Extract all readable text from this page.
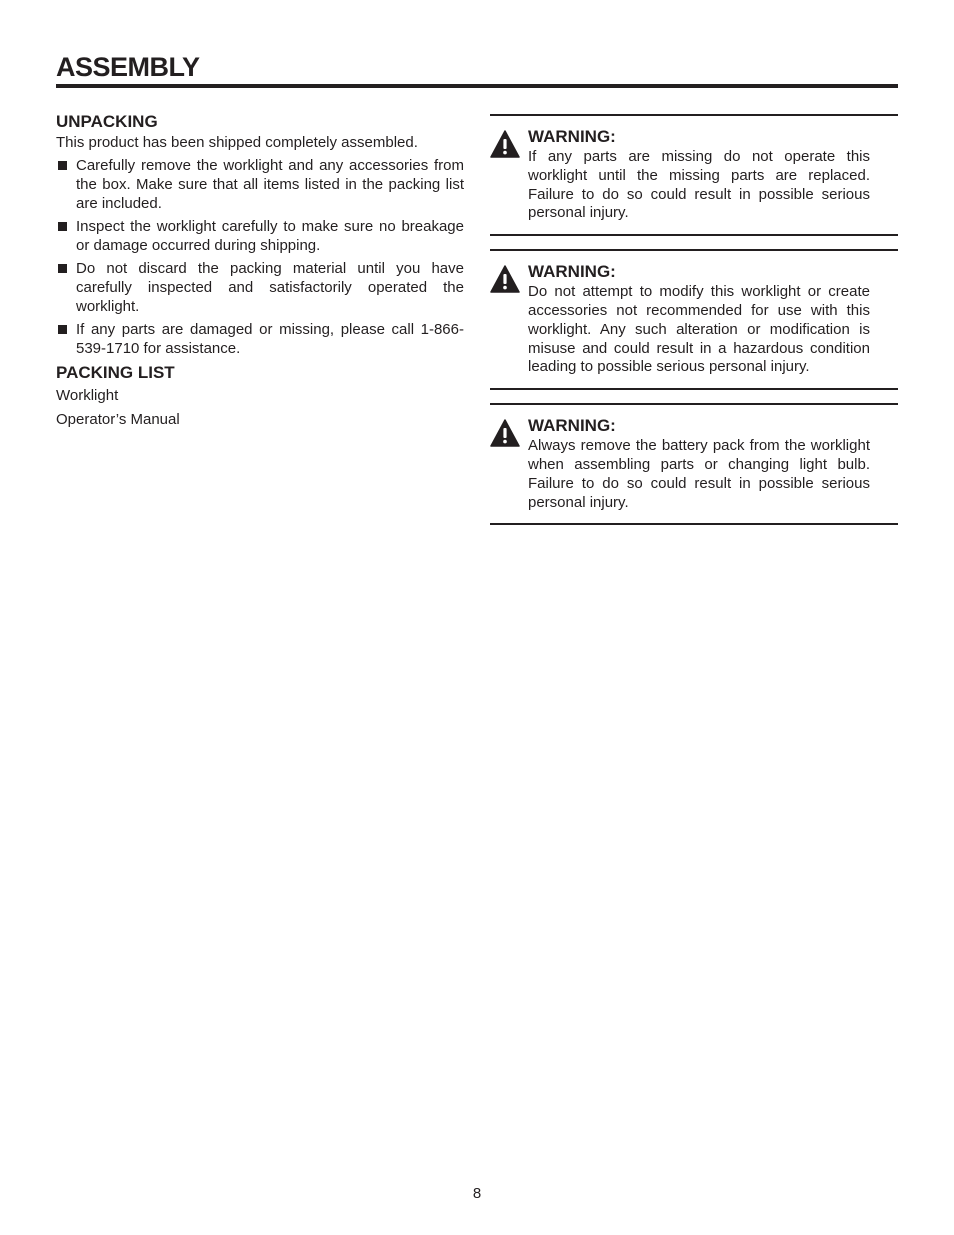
ASSEMBLY
UNPACKING

This product has been shipped completely assembled.

Carefully remove the worklight and any accessories from the box. Make sure that all items listed in the packing list are included.
Inspect the worklight carefully to make sure no breakage or damage occurred during shipping.
Do not discard the packing material until you have carefully inspected and satisfactorily operated the worklight.
If any parts are damaged or missing, please call 1-866-539-1710 for assistance.
PACKING LIST

Worklight

Operator’s Manual

WARNING:

If any parts are missing do not operate this worklight until the missing parts are replaced. Failure to do so could result in possible serious personal injury.

WARNING:

Do not attempt to modify this worklight or create accessories not recommended for use with this worklight. Any such alteration or modification is misuse and could result in a hazardous condition leading to possible serious personal injury.

WARNING:

Always remove the battery pack from the worklight when assembling parts or changing light bulb. Failure to do so could result in possible serious personal injury.

8
